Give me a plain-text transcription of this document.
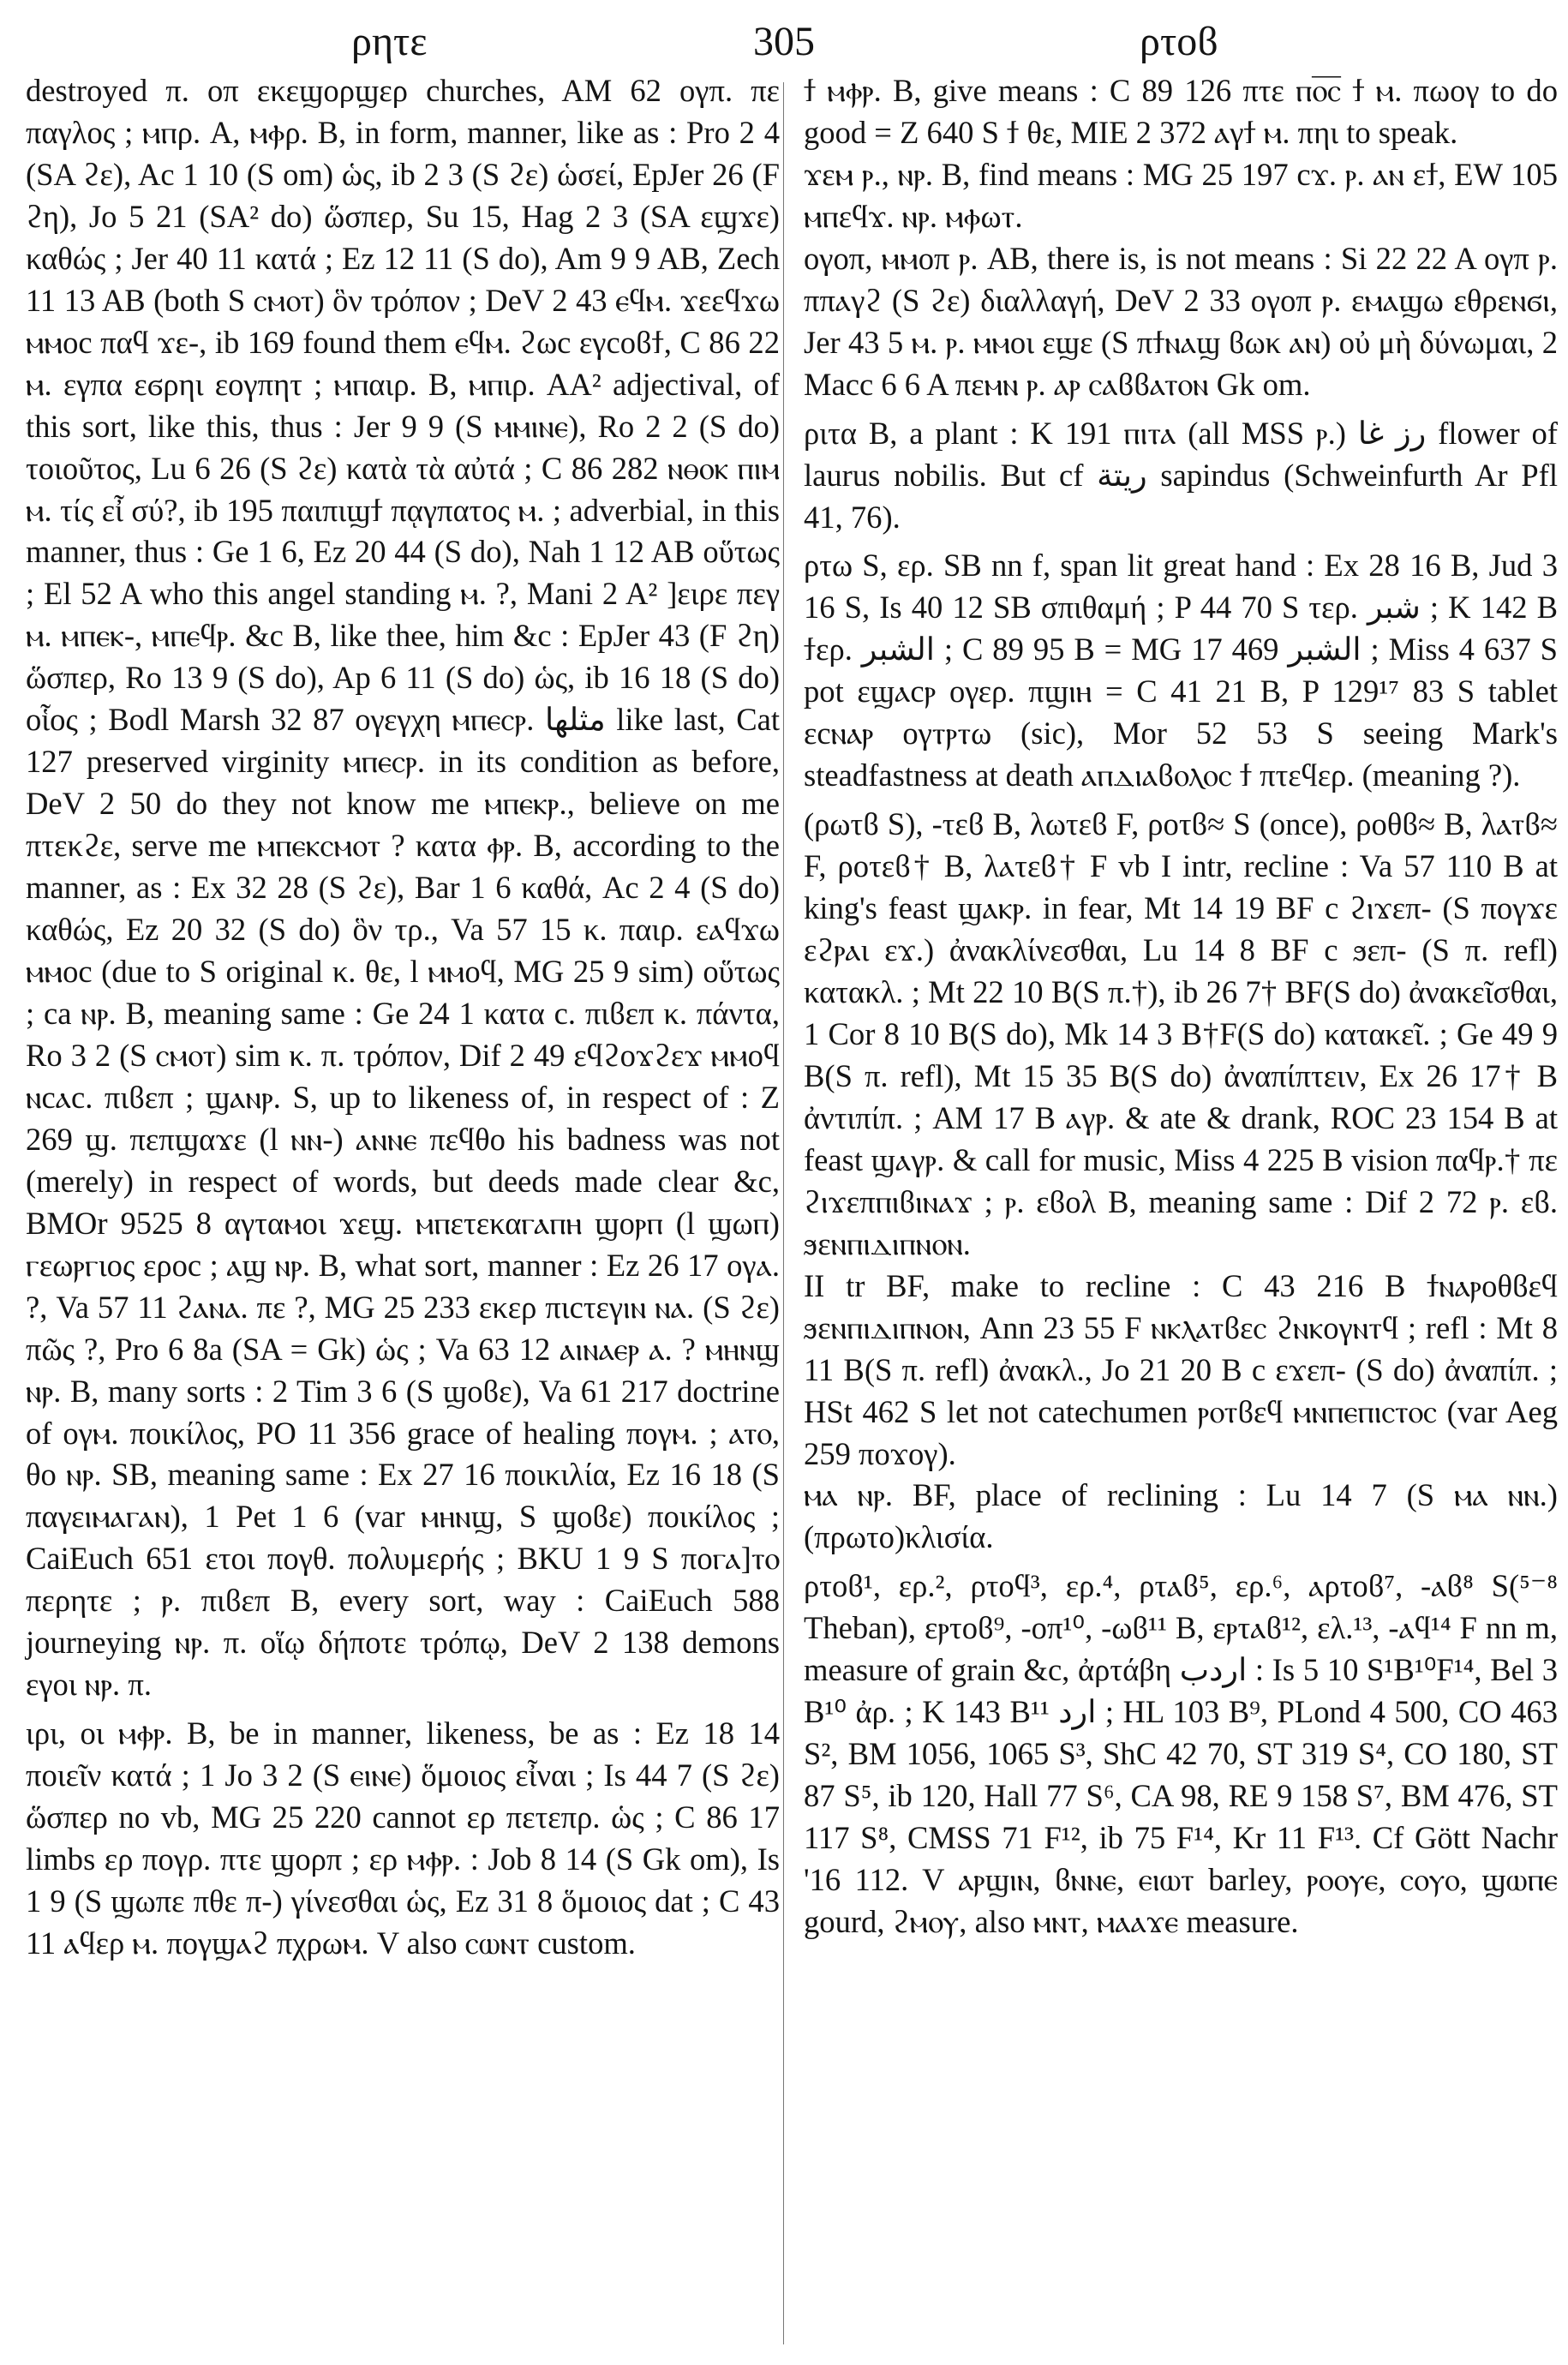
ρητε	305	ρτοϐ

destroyed π. οπ εκεϣορϣερ churches, AM 62 ογπ. πε παγλος ; ⲙⲡρ. A, ⲙⲫρ. B, in form, manner, like as : Pro 2 4 (SA ϩε), Ac 1 10 (S om) ὡς, ib 2 3 (S ϩε) ὡσεί, EpJer 26 (F ϩη), Jo 5 21 (SA² do) ὥσπερ, Su 15, Hag 2 3 (SA εϣϫε) καθώς ; Jer 40 11 κατά ; Ez 12 11 (S do), Am 9 9 AB, Zech 11 13 AB (both S ⲥⲙⲟⲧ) ὃν τρόπον ; DeV 2 43 ⲉϥⲙ. ϫεεϥϫω ⲙⲙοc παϥ ϫε-, ib 169 found them ⲉϥⲙ. ϩωc εγcοϐϯ, C 86 22 ⲙ. εγπα εϭρηι εογπητ ; ⲙⲡαιρ. B, ⲙⲡιρ. AA² adjectival, of this sort, like this, thus : Jer 9 9 (S ⲙⲙⲓⲛⲉ), Ro 2 2 (S do) τοιοῦτος, Lu 6 26 (S ϩε) κατὰ τὰ αὐτά ; C 86 282 ⲛⲑⲟⲕ ⲡⲓⲙ ⲙ. τίς εἶ σύ?, ib 195 παιπιϣϯ πᾳγπατος ⲙ. ; adverbial, in this manner, thus : Ge 1 6, Ez 20 44 (S do), Nah 1 12 AB οὕτως ; El 52 A who this angel standing ⲙ. ?, Mani 2 A² ]ειρε πεγ ⲙ. ⲙⲡⲉⲕ-, ⲙⲡⲉϥⲣ. &c B, like thee, him &c : EpJer 43 (F ϩη) ὥσπερ, Ro 13 9 (S do), Ap 6 11 (S do) ὡς, ib 16 18 (S do) οἷος ; Bodl Marsh 32 87 ογεγχη ⲙⲡⲉⲥⲣ. مثلها like last, Cat 127 preserved virginity ⲙⲡⲉⲥⲣ. in its condition as before, DeV 2 50 do they not know me ⲙⲡⲉⲕⲣ., believe on me πτεκϩε, serve me ⲙⲡⲉⲕⲥⲙⲟⲧ ? κατα ⲫⲣ. B, according to the manner, as : Ex 32 28 (S ϩε), Bar 1 6 καθά, Ac 2 4 (S do) καθώς, Ez 20 32 (S do) ὃν τρ., Va 57 15 κ. παιρ. εⲁϥϫω ⲙⲙοc (due to S original κ. θε, l ⲙⲙοϥ, MG 25 9 sim) οὕτως ; ca ⲛⲣ. B, meaning same : Ge 24 1 κατα c. πιϐεπ κ. πάντα, Ro 3 2 (S ⲥⲙⲟⲧ) sim κ. π. τρόπον, Dif 2 49 εϥϩοϫϩεϫ ⲙⲙοϥ ⲛcⲁc. πιϐεπ ; ϣⲁⲛⲣ. S, up to likeness of, in respect of : Z 269 ϣ. πεπϣαϫε (l ⲛⲛ-) ⲁⲛⲛⲉ πεϥθο his badness was not (merely) in respect of words, but deeds made clear &c, BMOr 9525 8 αγταⲙοι ϫεϣ. ⲙⲡετεκαⲅⲁⲡⲏ ϣοⲣⲡ (l ϣωⲡ) ⲅεωⲣⲅιος εροc ; ⲁϣ ⲛⲣ. B, what sort, manner : Ez 26 17 ογⲁ. ?, Va 57 11 ϩⲁⲛⲁ. πε ?, MG 25 233 εκερ πιcτεγⲓⲛ ⲛⲁ. (S ϩε) πῶς ?, Pro 6 8a (SA = Gk) ὡς ; Va 63 12 ⲁⲓⲛⲁⲉⲣ ⲁ. ? ⲙⲏⲛϣ ⲛⲣ. B, many sorts : 2 Tim 3 6 (S ϣοϐε), Va 61 217 doctrine of ογⲙ. ποικίλος, PO 11 356 grace of healing πογⲙ. ; ⲁⲧⲟ, θο ⲛⲣ. SB, meaning same : Ex 27 16 ποικιλία, Ez 16 18 (S παγεⲓⲙⲁⲅⲁⲛ), 1 Pet 1 6 (var ⲙⲏⲛϣ, S ϣοϐε) ποικίλος ; CaiEuch 651 ετοι πογθ. πολυμερής ; BKU 1 9 S ποⲅⲁ]ⲧⲟ περητε ; ⲣ. πιϐεπ B, every sort, way : CaiEuch 588 journeying ⲛⲣ. π. οἵῳ δήποτε τρόπῳ, DeV 2 138 demons εγοι ⲛⲣ. π.

ιρι, οι ⲙⲫⲣ. B, be in manner, likeness, be as : Ez 18 14 ποιεῖν κατά ; 1 Jo 3 2 (S ⲉⲓⲛⲉ) ὅμοιος εἶναι ; Is 44 7 (S ϩε) ὥσπερ no vb, MG 25 220 cannot ερ πετεπρ. ὡς ; C 86 17 limbs ερ πογρ. πτε ϣορπ ; ερ ⲙⲫⲣ. : Job 8 14 (S Gk om), Is 1 9 (S ϣωπε πθε π-) γίνεσθαι ὡς, Ez 31 8 ὅμοιος dat ; C 43 11 ⲁϥερ ⲙ. πογϣⲁϩ πχρωⲙ. V also ⲥⲱⲛⲧ custom.

ϯ ⲙⲫⲣ. B, give means : C 89 126 πτε ⲡⲟ̅ⲥ̅ ϯ ⲙ. πωογ to do good = Z 640 S ϯ θε, MIE 2 372 ⲁγϯ ⲙ. πηι to speak.

ϫεⲙ ⲣ., ⲛⲣ. B, find means : MG 25 197 cϫ. ⲣ. ⲁⲛ εϯ, EW 105 ⲙⲡεϥϫ. ⲛⲣ. ⲙⲫωⲧ.

ογοπ, ⲙⲙοπ ⲣ. AB, there is, is not means : Si 22 22 A ογπ ⲣ. ππⲁγϩ (S ϩε) διαλλαγή, DeV 2 33 ογοπ ⲣ. εⲙⲁϣω εθρεⲛϭⲓ, Jer 43 5 ⲙ. ⲣ. ⲙⲙοι εϣε (S πϯⲛⲁϣ ϐωκ ⲁⲛ) οὐ μὴ δύνωμαι, 2 Macc 6 6 A πεⲙⲛ ⲣ. ⲁⲣ ⲥⲁϐϐⲁⲧⲟⲛ Gk om.

ριτα B, a plant : K 191 ⲡⲓⲧⲁ (all MSS ⲣ.) رز غا flower of laurus nobilis. But cf ريتة sapindus (Schweinfurth Ar Pfl 41, 76).

ρτω S, ερ. SB nn f, span lit great hand : Ex 28 16 B, Jud 3 16 S, Is 40 12 SB σπιθαμή ; P 44 70 S τερ. شبر ; K 142 B ϯερ. الشبر ; C 89 95 B = MG 17 469 الشبر ; Miss 4 637 S pot εϣⲁcⲣ ογερ. πϣⲓⲏ = C 41 21 B, P 129¹⁷ 83 S tablet εcⲛⲁⲣ ογⲧⲣⲧω (sic), Mor 52 53 S seeing Mark's steadfastness at death ⲁⲡⲇⲓⲁϐⲟⲗⲟⲥ ϯ πτεϥερ. (meaning ?).

(ρωτϐ S), -τεϐ B, λωτεϐ F, ροτϐ≈ S (once), ροθϐ≈ B, λⲁⲧϐ≈ F, ροτεϐ† B, λⲁτεϐ† F vb I intr, recline : Va 57 110 B at king's feast ϣⲁⲕⲣ. in fear, Mt 14 19 BF c ϩⲓϫεπ- (S πογϫε εϩⲣⲁι εϫ.) ἀνακλίνεσθαι, Lu 14 8 BF c ϧεπ- (S π. refl) κατακλ. ; Mt 22 10 B(S π.†), ib 26 7† BF(S do) ἀνακεῖσθαι, 1 Cor 8 10 B(S do), Mk 14 3 B†F(S do) κατακεῖ. ; Ge 49 9 B(S π. refl), Mt 15 35 B(S do) ἀναπίπτειν, Ex 26 17† B ἀντιπίπ. ; AM 17 B ⲁγⲣ. & ate & drank, ROC 23 154 B at feast ϣⲁγⲣ. & call for music, Miss 4 225 B vision παϥⲣ.† πε ϩⲓϫεπⲡⲓϐⲓⲛⲁϫ ; ⲣ. εϐολ B, meaning same : Dif 2 72 ⲣ. εϐ. ϧεⲛⲡⲓⲇⲓⲡⲛⲟⲛ.

II tr BF, make to recline : C 43 216 B ϯⲛⲁⲣοθϐεϥ ϧεⲛⲡⲓⲇⲓⲡⲛⲟⲛ, Ann 23 55 F ⲛⲕⲗⲁⲧϐεⲥ ϩⲛⲕογⲛⲧϥ ; refl : Mt 8 11 B(S π. refl) ἀνακλ., Jo 21 20 B c εϫεπ- (S do) ἀναπίπ. ; HSt 462 S let not catechumen ⲣⲟⲧϐεϥ ⲙⲛⲡⲉⲡⲓⲥⲧⲟⲥ (var Aeg 259 ποϫογ).

ⲙⲁ ⲛⲣ. BF, place of reclining : Lu 14 7 (S ⲙⲁ ⲛⲛ.) (πρωτο)κλισία.

ρτοϐ¹, ερ.², ρτοϥ³, ερ.⁴, ρτⲁϐ⁵, ερ.⁶, ⲁρτοϐ⁷, -ⲁϐ⁸ S(⁵⁻⁸ Theban), εⲣτοϐ⁹, -οπ¹⁰, -ωϐ¹¹ B, εⲣτⲁϐ¹², ελ.¹³, -ⲁϥ¹⁴ F nn m, measure of grain &c, ἀρτάβη اردب : Is 5 10 S¹B¹⁰F¹⁴, Bel 3 B¹⁰ ἀρ. ; K 143 B¹¹ ارد ; HL 103 B⁹, PLond 4 500, CO 463 S², BM 1056, 1065 S³, ShC 42 70, ST 319 S⁴, CO 180, ST 87 S⁵, ib 120, Hall 77 S⁶, CA 98, RE 9 158 S⁷, BM 476, ST 117 S⁸, CMSS 71 F¹², ib 75 F¹⁴, Kr 11 F¹³. Cf Gött Nachr '16 112. V ⲁⲣϣⲓⲛ, ϐⲛⲛⲉ, ⲉⲓⲱⲧ barley, ⲣⲟⲟⲩⲉ, ⲥⲟⲩⲟ, ϣⲱⲡⲉ gourd, ϩⲙⲟⲩ, also ⲙⲛⲧ, ⲙⲁⲁϫⲉ measure.
